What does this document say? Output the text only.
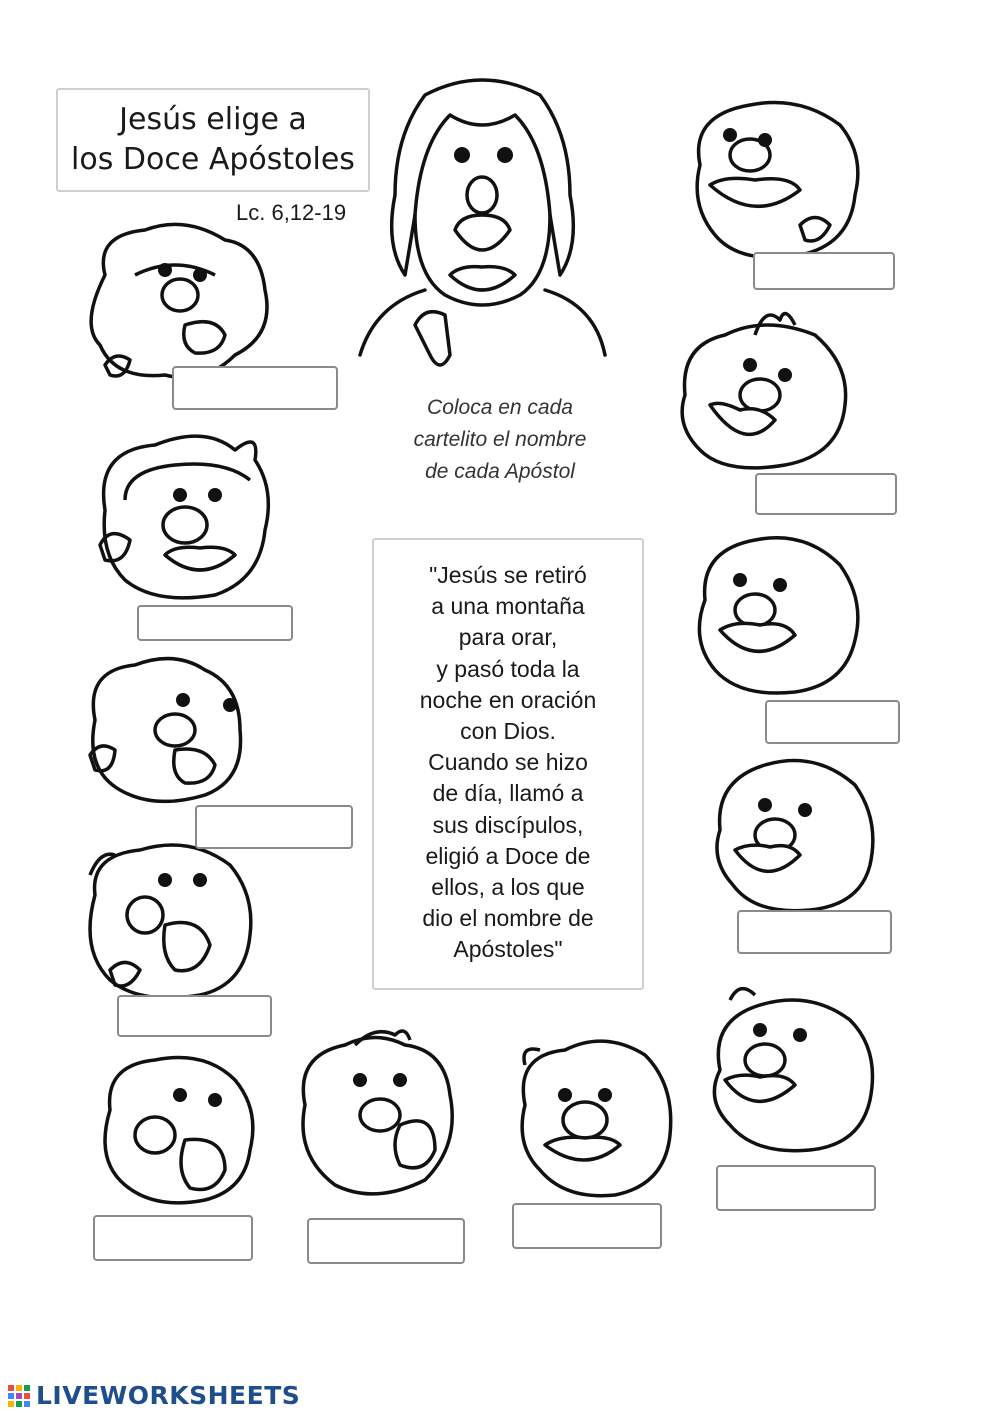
Jesús elige a
los Doce Apóstoles
Lc. 6,12-19
Coloca en cada
cartelito el nombre
de cada Apóstol
"Jesús se retiró
a una montaña
para orar,
y pasó toda la
noche en oración
con Dios.
Cuando se hizo
de día, llamó a
sus discípulos,
eligió a Doce de
ellos, a los que
dio el nombre de
Apóstoles"
LIVEWORKSHEETS
